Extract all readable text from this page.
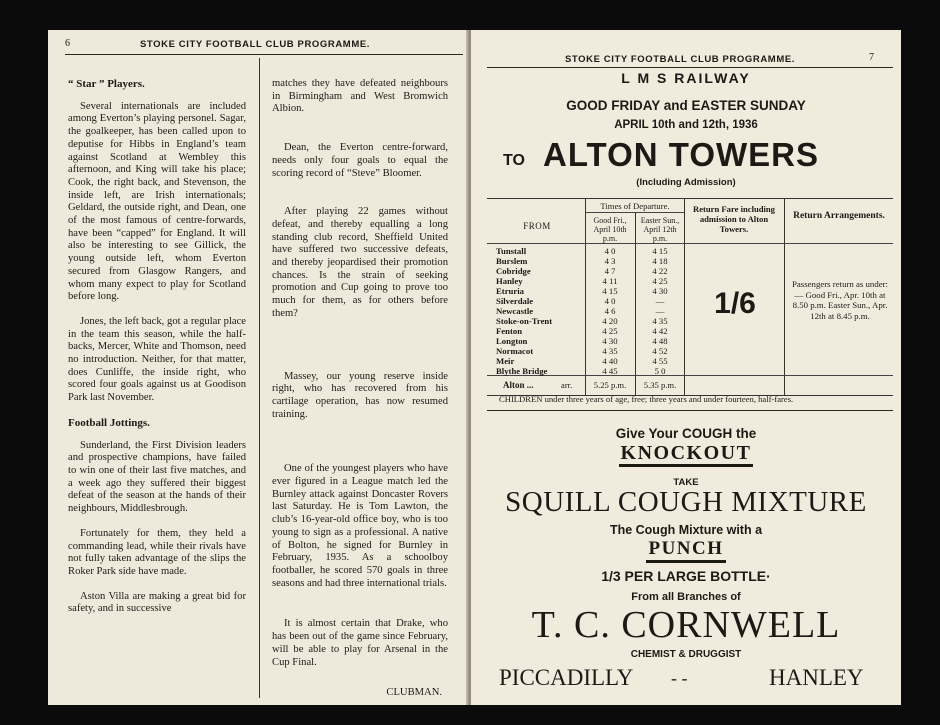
6	STOKE CITY FOOTBALL CLUB PROGRAMME.
“ Star ” Players.

Several internationals are included among Everton’s playing personel. Sagar, the goalkeeper, has been called upon to deputise for Hibbs in England’s team against Scotland at Wembley this afternoon, and King will take his place; Cook, the right back, and Stevenson, the inside left, are Irish internationals; Geldard, the outside right, and Dean, one of the most famous of centre-forwards, have been “capped” for England. It will also be interesting to see Gillick, the young outside left, whom Everton secured from Glasgow Rangers, and whom many expect to play for Scotland before long.

Jones, the left back, got a regular place in the team this season, while the half-backs, Mercer, White and Thomson, need no introduction. Neither, for that matter, does Cunliffe, the inside right, who scored four goals against us at Goodison Park last November.

Football Jottings.

Sunderland, the First Division leaders and prospective champions, have failed to win one of their last five matches, and a week ago they suffered their biggest defeat of the season at the hands of their neighbours, Middlesbrough.

Fortunately for them, they held a commanding lead, while their rivals have not fully taken advantage of the slips the Roker Park side have made.

Aston Villa are making a great bid for safety, and in successive

matches they have defeated neighbours in Birmingham and West Bromwich Albion.

Dean, the Everton centre-forward, needs only four goals to equal the scoring record of “Steve” Bloomer.

After playing 22 games without defeat, and thereby equalling a long standing club record, Sheffield United have suffered two successive defeats, and thereby jeopardised their promotion chances. Is the strain of seeking promotion and Cup going to prove too much for them, as for others before them?

Massey, our young reserve inside right, who has recovered from his cartilage operation, has now resumed training.

One of the youngest players who have ever figured in a League match led the Burnley attack against Doncaster Rovers last Saturday. He is Tom Lawton, the club’s 16-year-old office boy, who is too young to sign as a professional. A native of Bolton, he signed for Burnley in February, 1935. As a schoolboy footballer, he scored 570 goals in three seasons and had three international trials.

It is almost certain that Drake, who has been out of the game since February, will be able to play for Arsenal in the Cup Final.

CLUBMAN.
STOKE CITY FOOTBALL CLUB PROGRAMME.	7
L M S RAILWAY
GOOD FRIDAY and EASTER SUNDAY
APRIL 10th and 12th, 1936
TO ALTON TOWERS
(Including Admission)
FROM
Times of Departure.
Good Fri., April 10th p.m.
Easter Sun., April 12th p.m.
Return Fare including admission to Alton Towers.
Return Arrangements.
Tunstall	4 0	4 15
Burslem	4 3	4 18
Cobridge	4 7	4 22
Hanley	4 11	4 25
Etruria	4 15	4 30
Silverdale	4 0	—
Newcastle	4 6	—
Stoke-on-Trent	4 20	4 35
Fenton	4 25	4 42
Longton	4 30	4 48
Normacot	4 35	4 52
Meir	4 40	4 55
Blythe Bridge	4 45	5 0
1/6
Passengers return as under:— Good Fri., Apr. 10th at 8.50 p.m. Easter Sun., Apr. 12th at 8.45 p.m.
Alton ...	arr.	5.25 p.m.	5.35 p.m.
CHILDREN under three years of age, free; three years and under fourteen, half-fares.
Give Your COUGH the
KNOCKOUT
TAKE
SQUILL COUGH MIXTURE
The Cough Mixture with a
PUNCH
1/3 PER LARGE BOTTLE·
From all Branches of
T. C. CORNWELL
CHEMIST & DRUGGIST
PICCADILLY - -	HANLEY
